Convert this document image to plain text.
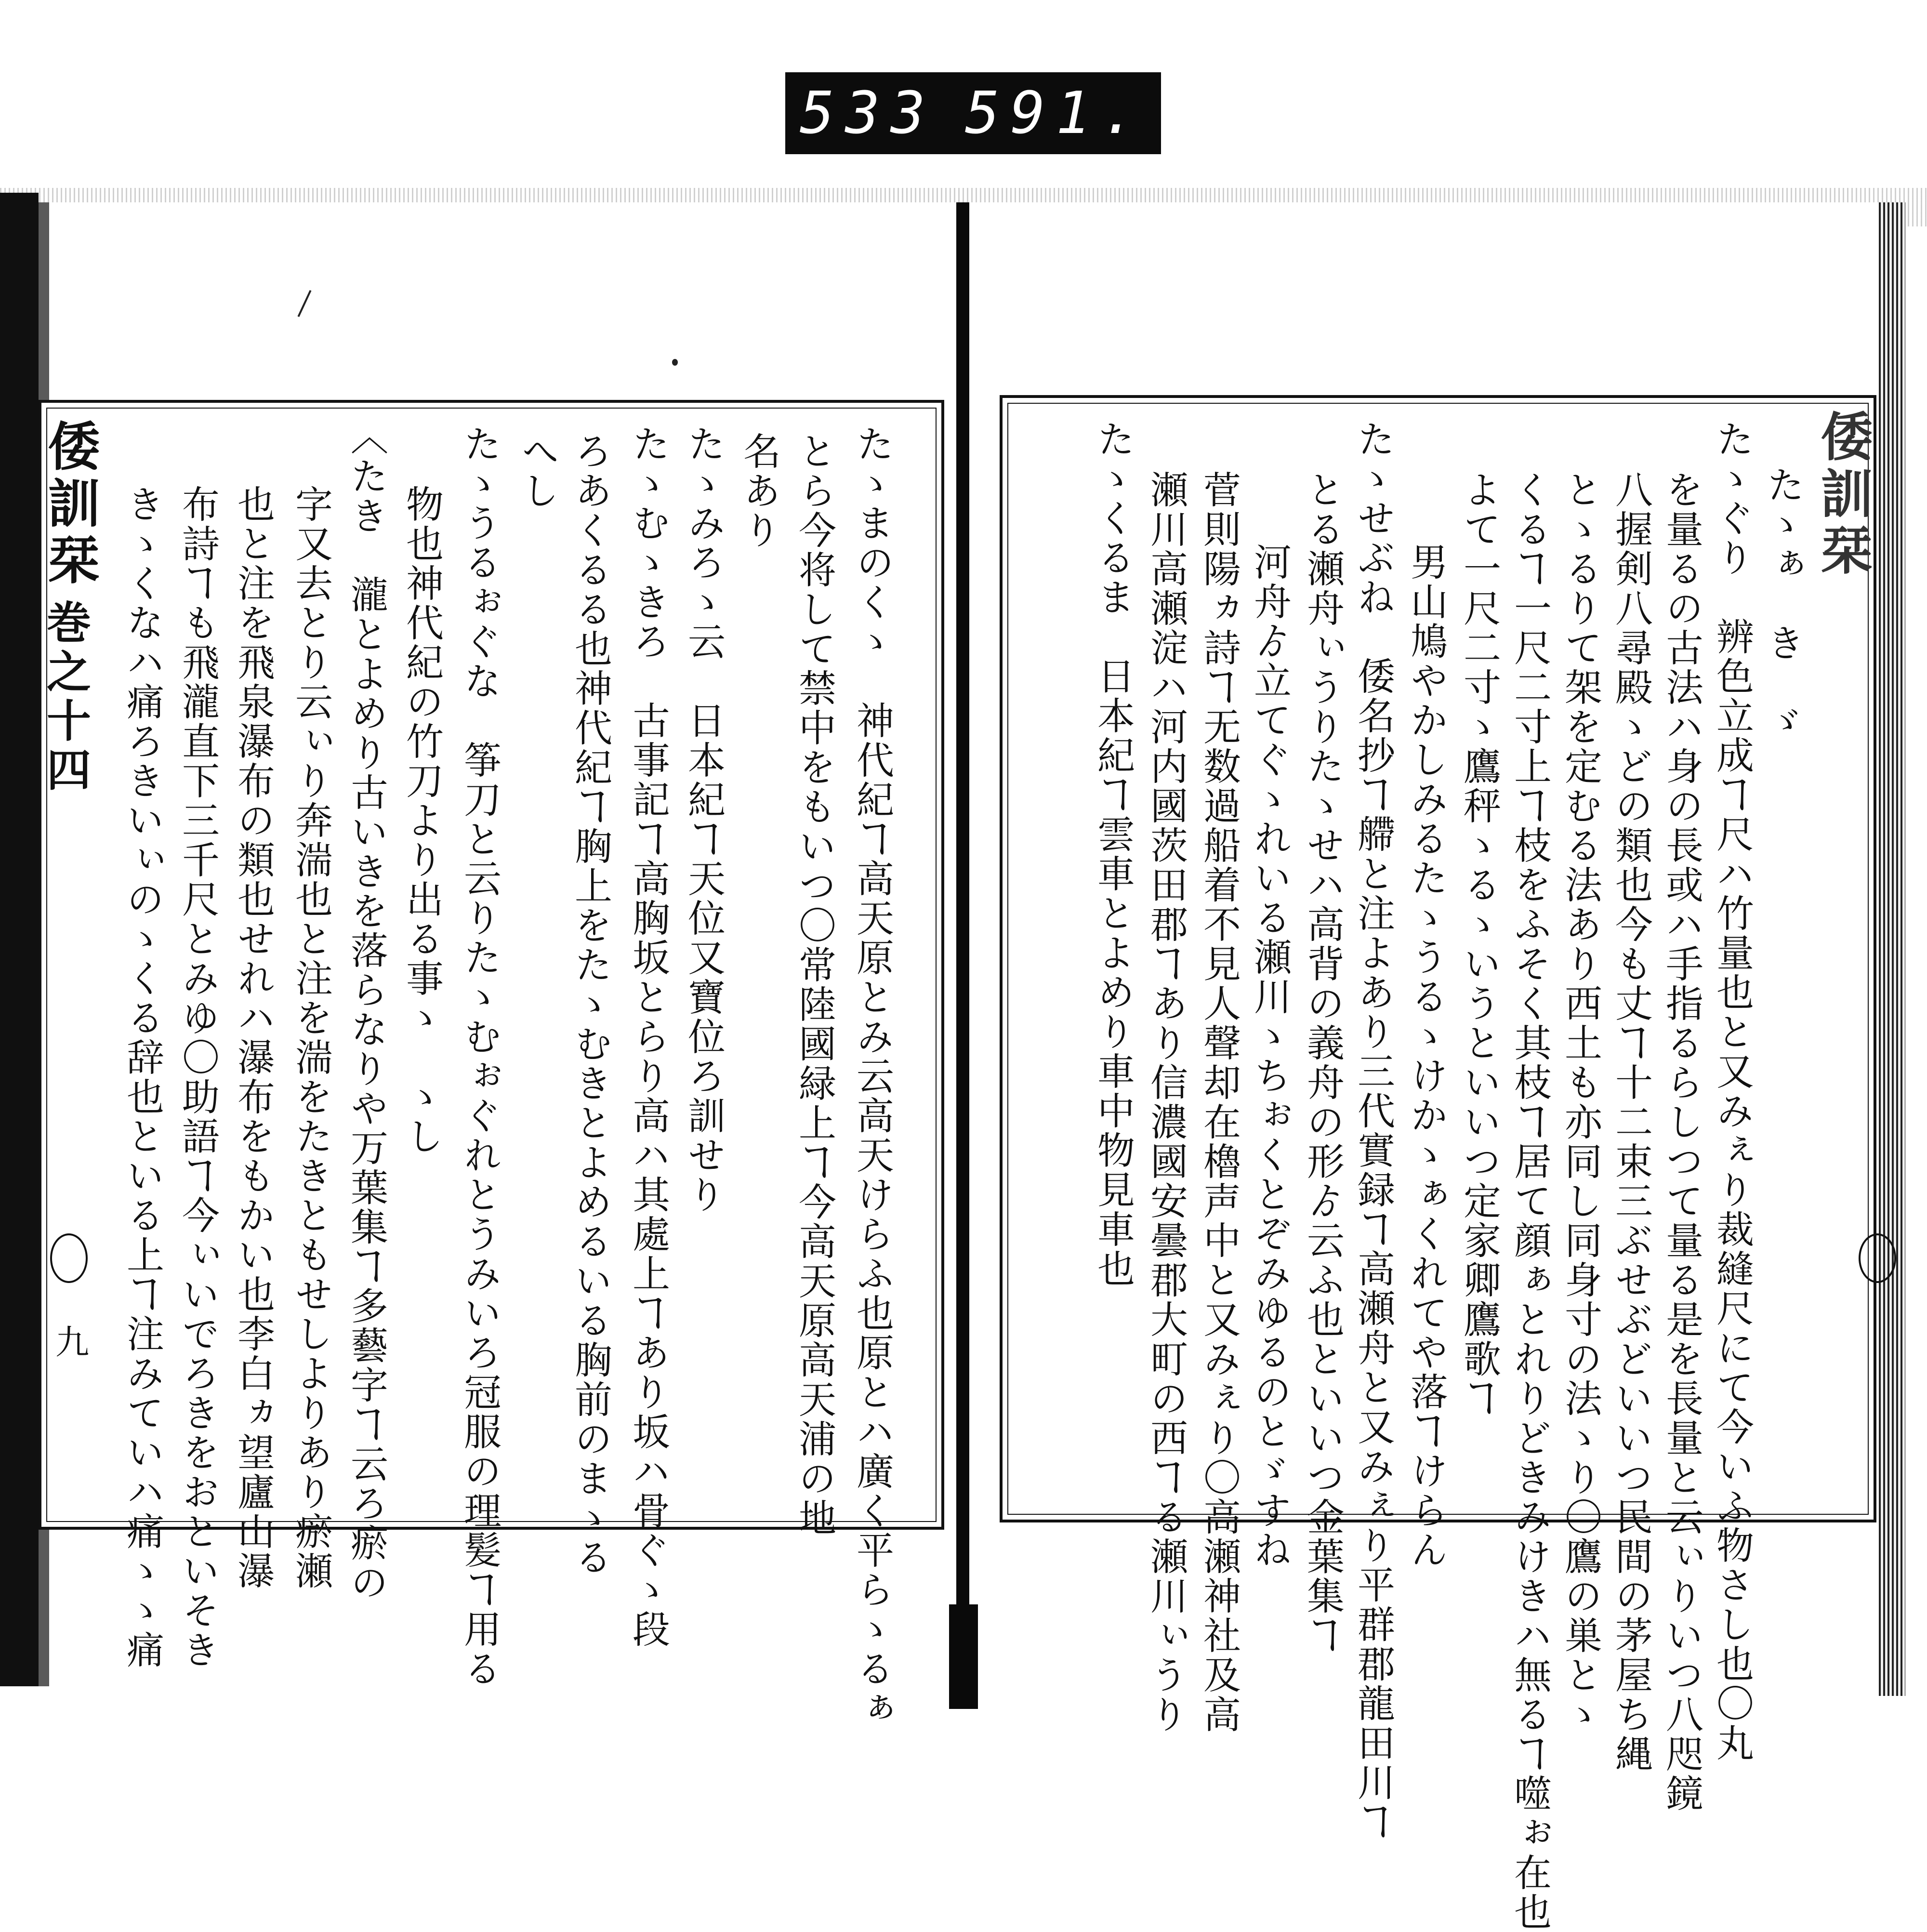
533 591.
たゝまのくゝ　神代紀ヿ高天原とみ云高天けらふ也原とハ廣く平らゝるぁ
とら今将して禁中をもいつ〇常陸國緑上ヿ今高天原高天浦の地
名あり
たゝみろゝ云　日本紀ヿ天位又寶位ろ訓せり
たゝむゝきろ　古事記ヿ高胸坂とらり高ハ其處上ヿあり坂ハ骨ぐゝ段
ろあくるる也神代紀ヿ胸上をたゝむきとよめるいる胸前のまゝる
へし
たゝうるぉぐな　筝刀と云りたゝむぉぐれとうみいろ冠服の理髪ヿ用る
物也神代紀の竹刀より出る事ゝ　ゝし
〈たき　瀧とよめり古いきを落らなりや万葉集ヿ多藝字ヿ云ろ瘀の
字又去とり云ぃり奔湍也と注を湍をたきともせしよりあり瘀瀬
也と注を飛泉瀑布の類也せれハ瀑布をもかい也李白ヵ望廬山瀑
布詩ヿも飛瀧直下三千尺とみゆ〇助語ヿ今ぃいでろきをおといそき
きゝくなハ痛ろきいぃのゝくる辞也といる上ヿ注みていハ痛ゝゝ痛
倭訓栞
巻之十四
九
たゝぁ　き　ゞ
たゝぐり　辨色立成ヿ尺ハ竹量也と又みぇり裁縫尺にて今いふ物さし也〇丸
を量るの古法ハ身の長或ハ手指るらしつて量る是を長量と云ぃりいつ八咫鏡
八握剣八尋殿ゝどの類也今も丈ヿ十二束三ぶせぶどいいつ民間の茅屋ち縄
とゝるりて架を定むる法あり西土も亦同し同身寸の法ゝり〇鷹の巣とゝ
くるヿ一尺二寸上ヿ枝をふそく其枝ヿ居て顔ぁとれりどきみけきハ無るヿ噬ぉ在也
よて一尺二寸ゝ鷹秤ゝるゝいうといいつ定家卿鷹歌ヿ
男山鳩やかしみるたゝうるゝけかゝぁくれてや落ヿけらん
たゝせぶね　倭名抄ヿ艜と注よあり三代實録ヿ高瀬舟と又みぇり平群郡龍田川ヿ
とる瀬舟ぃうりたゝせハ高背の義舟の形ゟ云ふ也といいつ金葉集ヿ
河舟ゟ立てぐゝれいる瀬川ゝちぉくとぞみゆるのとゞすね
菅則陽ヵ詩ヿ无数過船着不見人聲却在櫓声中と又みぇり〇高瀬神社及高
瀬川高瀬淀ハ河内國茨田郡ヿあり信濃國安曇郡大町の西ヿる瀬川ぃうり
たゝくるま　日本紀ヿ雲車とよめり車中物見車也	倭訓栞
